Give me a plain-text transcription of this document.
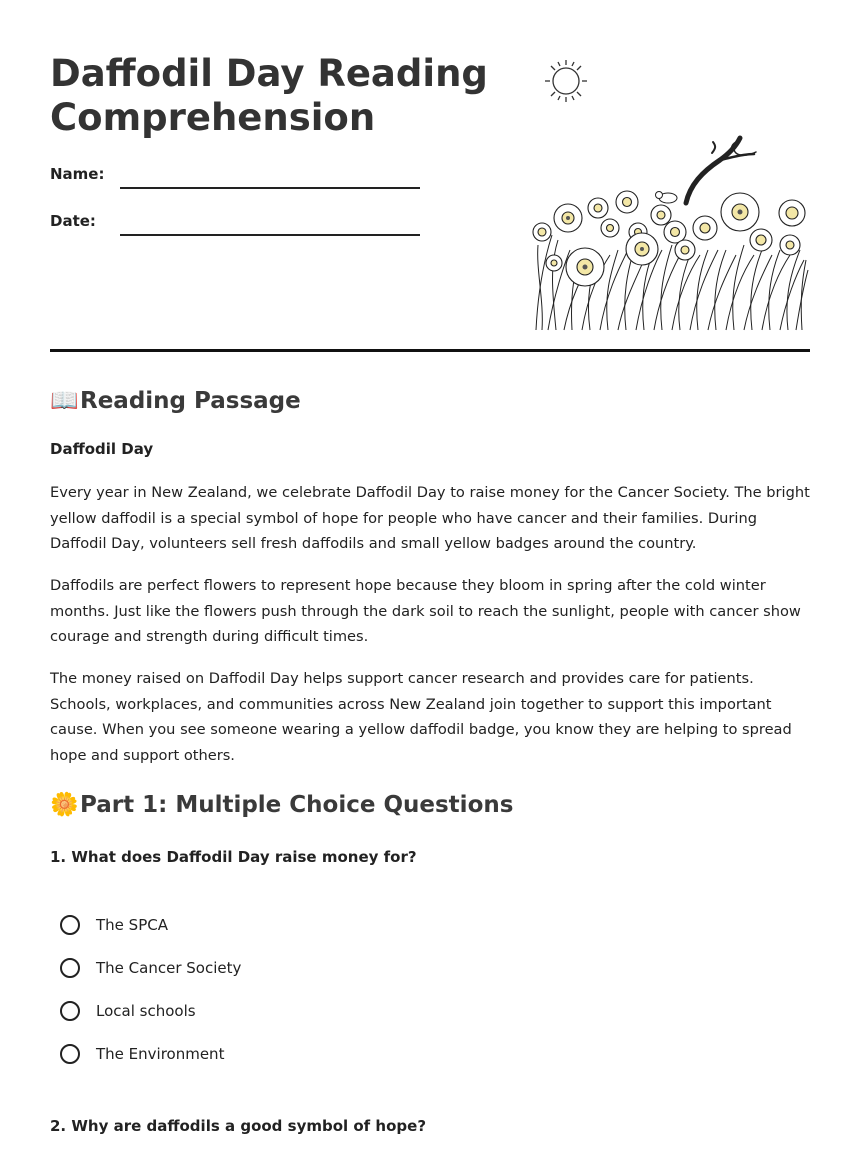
Daffodil Day Reading Comprehension
Name:
Date:
📖Reading Passage
Daffodil Day

Every year in New Zealand, we celebrate Daffodil Day to raise money for the Cancer Society. The bright yellow daffodil is a special symbol of hope for people who have cancer and their families. During Daffodil Day, volunteers sell fresh daffodils and small yellow badges around the country.

Daffodils are perfect flowers to represent hope because they bloom in spring after the cold winter months. Just like the flowers push through the dark soil to reach the sunlight, people with cancer show courage and strength during difficult times.

The money raised on Daffodil Day helps support cancer research and provides care for patients. Schools, workplaces, and communities across New Zealand join together to support this important cause. When you see someone wearing a yellow daffodil badge, you know they are helping to spread hope and support others.

🌼Part 1: Multiple Choice Questions
1. What does Daffodil Day raise money for?
The SPCA
The Cancer Society
Local schools
The Environment
2. Why are daffodils a good symbol of hope?
